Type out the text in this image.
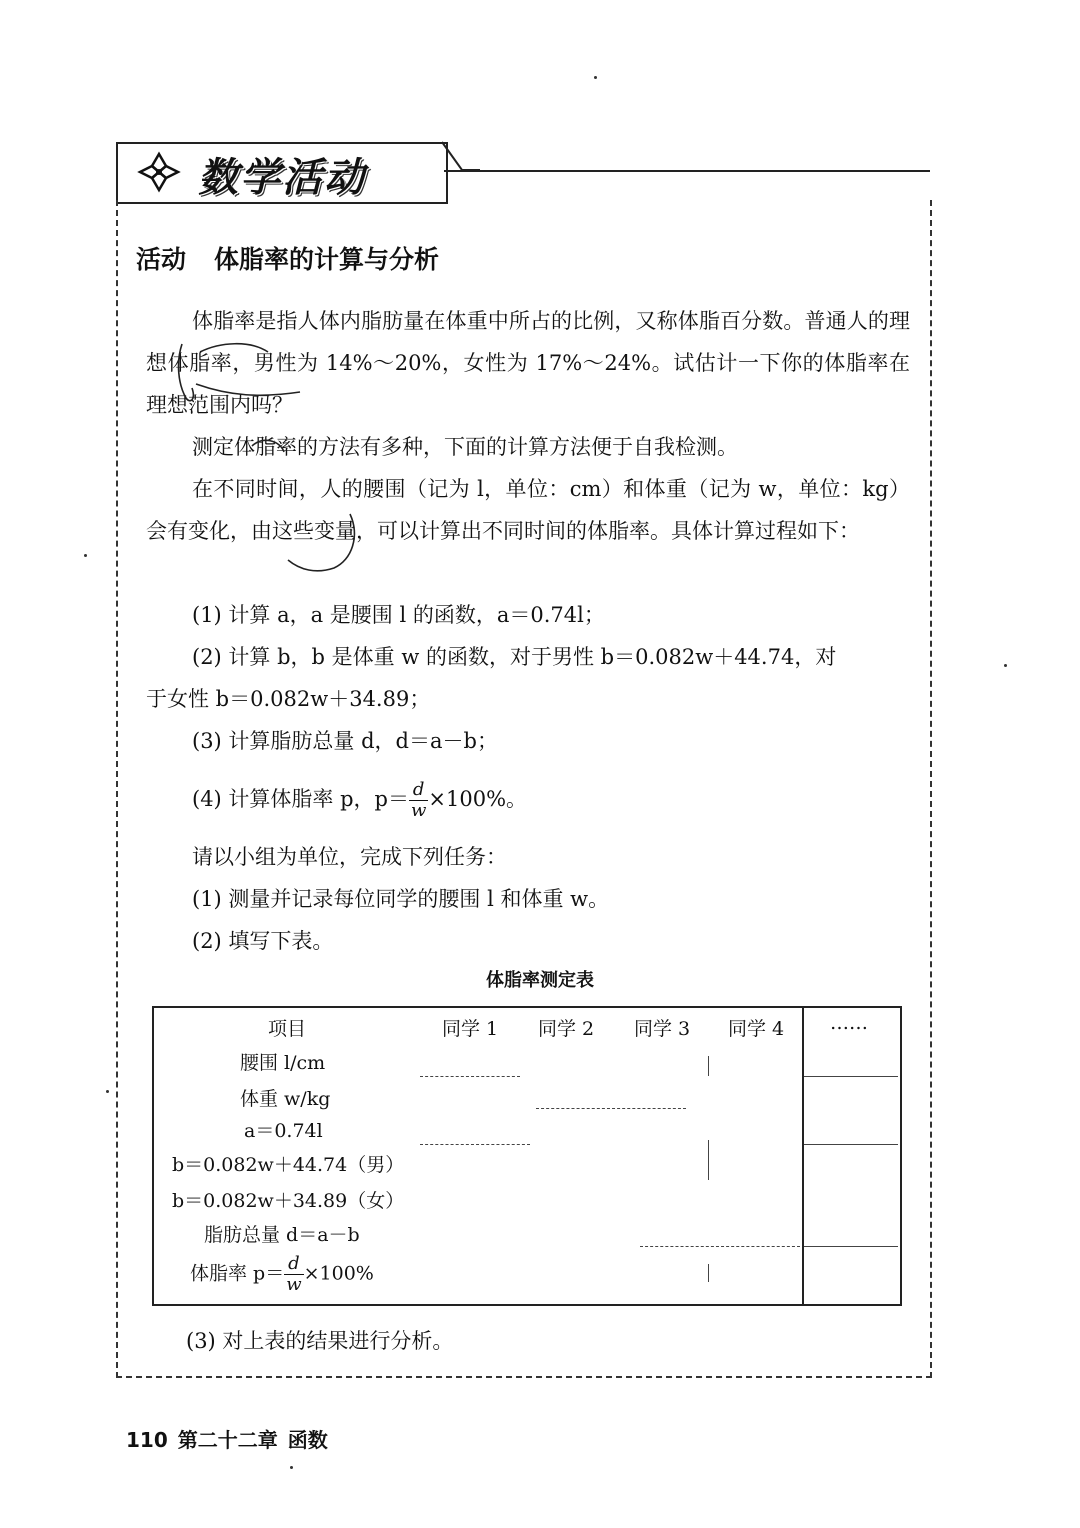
数学活动
活动 体脂率的计算与分析

体脂率是指人体内脂肪量在体重中所占的比例，又称体脂百分数。普通人的理想体脂率，男性为 14%～20%，女性为 17%～24%。试估计一下你的体脂率在理想范围内吗？

测定体脂率的方法有多种，下面的计算方法便于自我检测。

在不同时间，人的腰围（记为 l，单位：cm）和体重（记为 w，单位：kg）会有变化，由这些变量，可以计算出不同时间的体脂率。具体计算过程如下：

(1) 计算 a，a 是腰围 l 的函数，a＝0.74l；
(2) 计算 b，b 是体重 w 的函数，对于男性 b＝0.082w＋44.74，对
于女性 b＝0.082w＋34.89；
(3) 计算脂肪总量 d，d＝a－b；
(4) 计算体脂率 p，$p= \frac{d}{w} \times 100\%$。
请以小组为单位，完成下列任务：
(1) 测量并记录每位同学的腰围 l 和体重 w。
(2) 填写下表。
体脂率测定表
项目	同学 1 同学 2 同学 3 同学 4 ……
腰围 l/cm
体重 w/kg
a＝0.74l
b＝0.082w＋44.74（男）
b＝0.082w＋34.89（女）
脂肪总量 d＝a－b
体脂率 $p= \frac{d}{w} \times 100\%$
(3) 对上表的结果进行分析。
110 第二十二章 函数
